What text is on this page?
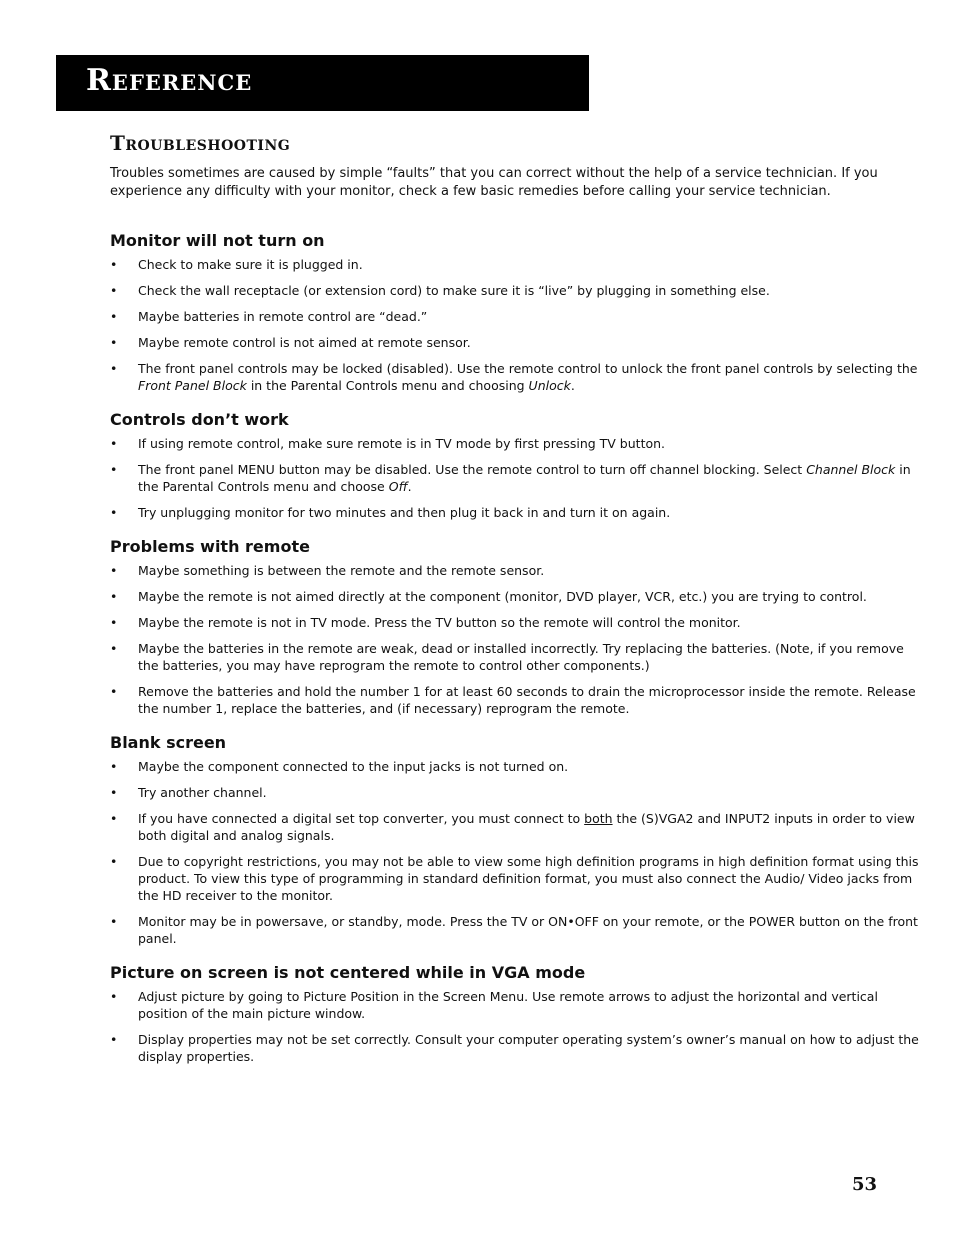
Reference
Troubleshooting

Troubles sometimes are caused by simple “faults” that you can correct without the help of a service technician. If you experience any difficulty with your monitor, check a few basic remedies before calling your service technician.

Monitor will not turn on
• Check to make sure it is plugged in.
• Check the wall receptacle (or extension cord) to make sure it is “live” by plugging in something else.
• Maybe batteries in remote control are “dead.”
• Maybe remote control is not aimed at remote sensor.
• The front panel controls may be locked (disabled). Use the remote control to unlock the front panel controls by selecting the Front Panel Block in the Parental Controls menu and choosing Unlock.
Controls don’t work
• If using remote control, make sure remote is in TV mode by first pressing TV button.
• The front panel MENU button may be disabled. Use the remote control to turn off channel blocking. Select Channel Block in the Parental Controls menu and choose Off.
• Try unplugging monitor for two minutes and then plug it back in and turn it on again.
Problems with remote
• Maybe something is between the remote and the remote sensor.
• Maybe the remote is not aimed directly at the component (monitor, DVD player, VCR, etc.) you are trying to control.
• Maybe the remote is not in TV mode. Press the TV button so the remote will control the monitor.
• Maybe the batteries in the remote are weak, dead or installed incorrectly. Try replacing the batteries. (Note, if you remove the batteries, you may have reprogram the remote to control other components.)
• Remove the batteries and hold the number 1 for at least 60 seconds to drain the microprocessor inside the remote. Release the number 1, replace the batteries, and (if necessary) reprogram the remote.
Blank screen
• Maybe the component connected to the input jacks is not turned on.
• Try another channel.
• If you have connected a digital set top converter, you must connect to both the (S)VGA2 and INPUT2 inputs in order to view both digital and analog signals.
• Due to copyright restrictions, you may not be able to view some high definition programs in high definition format using this product. To view this type of programming in standard definition format, you must also connect the Audio/ Video jacks from the HD receiver to the monitor.
• Monitor may be in powersave, or standby, mode. Press the TV or ON•OFF on your remote, or the POWER button on the front panel.
Picture on screen is not centered while in VGA mode
• Adjust picture by going to Picture Position in the Screen Menu. Use remote arrows to adjust the horizontal and vertical position of the main picture window.
• Display properties may not be set correctly. Consult your computer operating system’s owner’s manual on how to adjust the display properties.
53
